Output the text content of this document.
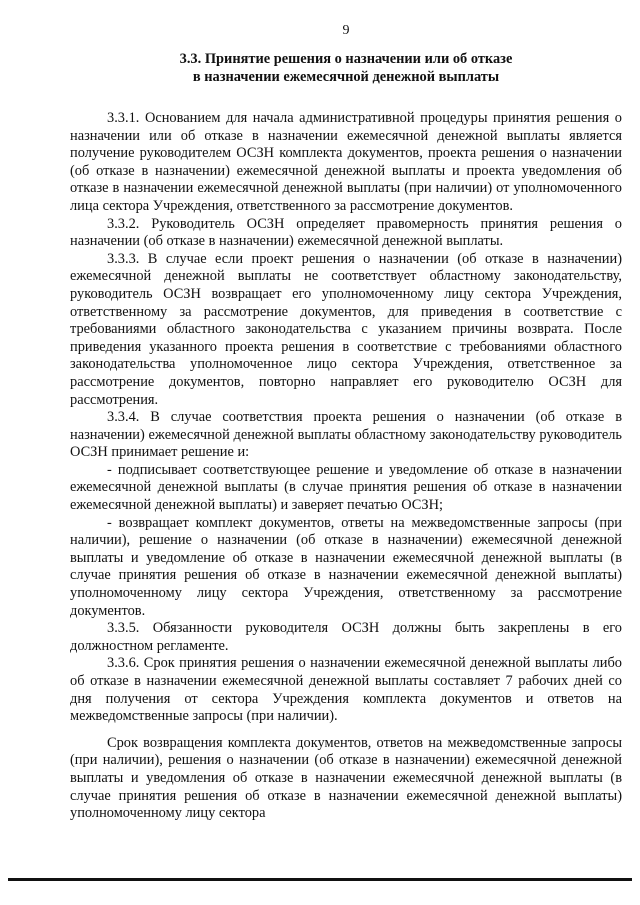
9
3.3. Принятие решения о назначении или об отказе
в назначении ежемесячной денежной выплаты

3.3.1. Основанием для начала административной процедуры принятия решения о назначении или об отказе в назначении ежемесячной денежной выплаты является получение руководителем ОСЗН комплекта документов, проекта решения о назначении (об отказе в назначении) ежемесячной денежной выплаты и проекта уведомления об отказе в назначении ежемесячной денежной выплаты (при наличии) от уполномоченного лица сектора Учреждения, ответственного за рассмотрение документов.

3.3.2. Руководитель ОСЗН определяет правомерность принятия решения о назначении (об отказе в назначении) ежемесячной денежной выплаты.

3.3.3. В случае если проект решения о назначении (об отказе в назначении) ежемесячной денежной выплаты не соответствует областному законодательству, руководитель ОСЗН возвращает его уполномоченному лицу сектора Учреждения, ответственному за рассмотрение документов, для приведения в соответствие с требованиями областного законодательства с указанием причины возврата. После приведения указанного проекта решения в соответствие с требованиями областного законодательства уполномоченное лицо сектора Учреждения, ответственное за рассмотрение документов, повторно направляет его руководителю ОСЗН для рассмотрения.

3.3.4. В случае соответствия проекта решения о назначении (об отказе в назначении) ежемесячной денежной выплаты областному законодательству руководитель ОСЗН принимает решение и:

- подписывает соответствующее решение и уведомление об отказе в назначении ежемесячной денежной выплаты (в случае принятия решения об отказе в назначении ежемесячной денежной выплаты) и заверяет печатью ОСЗН;

- возвращает комплект документов, ответы на межведомственные запросы (при наличии), решение о назначении (об отказе в назначении) ежемесячной денежной выплаты и уведомление об отказе в назначении ежемесячной денежной выплаты (в случае принятия решения об отказе в назначении ежемесячной денежной выплаты) уполномоченному лицу сектора Учреждения, ответственному за рассмотрение документов.

3.3.5. Обязанности руководителя ОСЗН должны быть закреплены в его должностном регламенте.

3.3.6. Срок принятия решения о назначении ежемесячной денежной выплаты либо об отказе в назначении ежемесячной денежной выплаты составляет 7 рабочих дней со дня получения от сектора Учреждения комплекта документов и ответов на межведомственные запросы (при наличии).

Срок возвращения комплекта документов, ответов на межведомственные запросы (при наличии), решения о назначении (об отказе в назначении) ежемесячной денежной выплаты и уведомления об отказе в назначении ежемесячной денежной выплаты (в случае принятия решения об отказе в назначении ежемесячной денежной выплаты) уполномоченному лицу сектора
